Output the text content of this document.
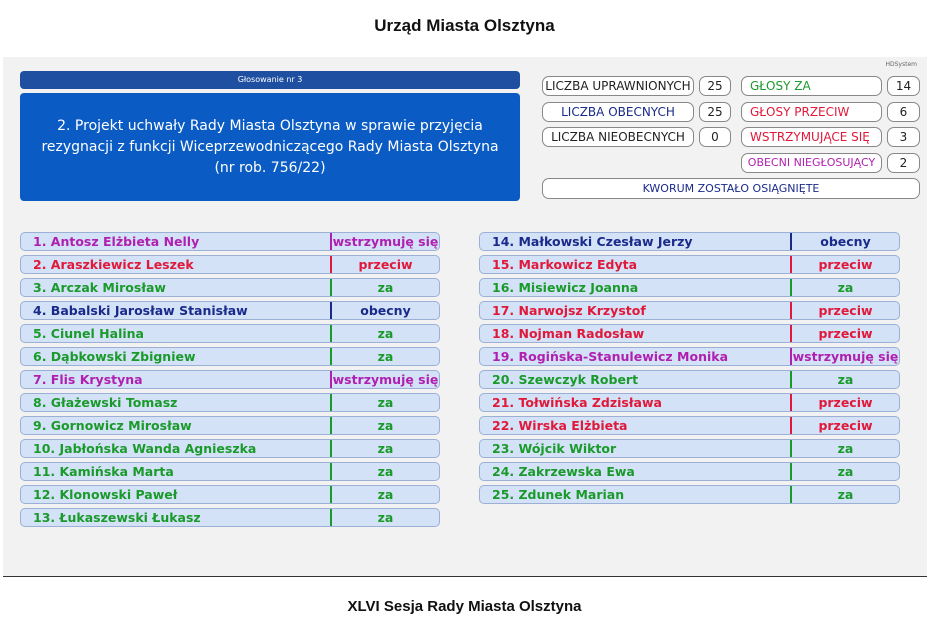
Urząd Miasta Olsztyna
HDSystem
Głosowanie nr 3
2. Projekt uchwały Rady Miasta Olsztyna w sprawie przyjęcia
rezygnacji z funkcji Wiceprzewodniczącego Rady Miasta Olsztyna
(nr rob. 756/22)
LICZBA UPRAWNIONYCH	25
LICZBA OBECNYCH	25
LICZBA NIEOBECNYCH	0
GŁOSY ZA	14
GŁOSY PRZECIW	6
WSTRZYMUJĄCE SIĘ	3
OBECNI NIEGŁOSUJĄCY	2
KWORUM ZOSTAŁO OSIĄGNIĘTE
1. Antosz Elżbieta Nelly	wstrzymuję się
2. Araszkiewicz Leszek	przeciw
3. Arczak Mirosław	za
4. Babalski Jarosław Stanisław	obecny
5. Ciunel Halina	za
6. Dąbkowski Zbigniew	za
7. Flis Krystyna	wstrzymuję się
8. Głażewski Tomasz	za
9. Gornowicz Mirosław	za
10. Jabłońska Wanda Agnieszka	za
11. Kamińska Marta	za
12. Klonowski Paweł	za
13. Łukaszewski Łukasz	za
14. Małkowski Czesław Jerzy	obecny
15. Markowicz Edyta	przeciw
16. Misiewicz Joanna	za
17. Narwojsz Krzystof	przeciw
18. Nojman Radosław	przeciw
19. Rogińska-Stanulewicz Monika	wstrzymuję się
20. Szewczyk Robert	za
21. Tołwińska Zdzisława	przeciw
22. Wirska Elżbieta	przeciw
23. Wójcik Wiktor	za
24. Zakrzewska Ewa	za
25. Zdunek Marian	za
XLVI Sesja Rady Miasta Olsztyna
